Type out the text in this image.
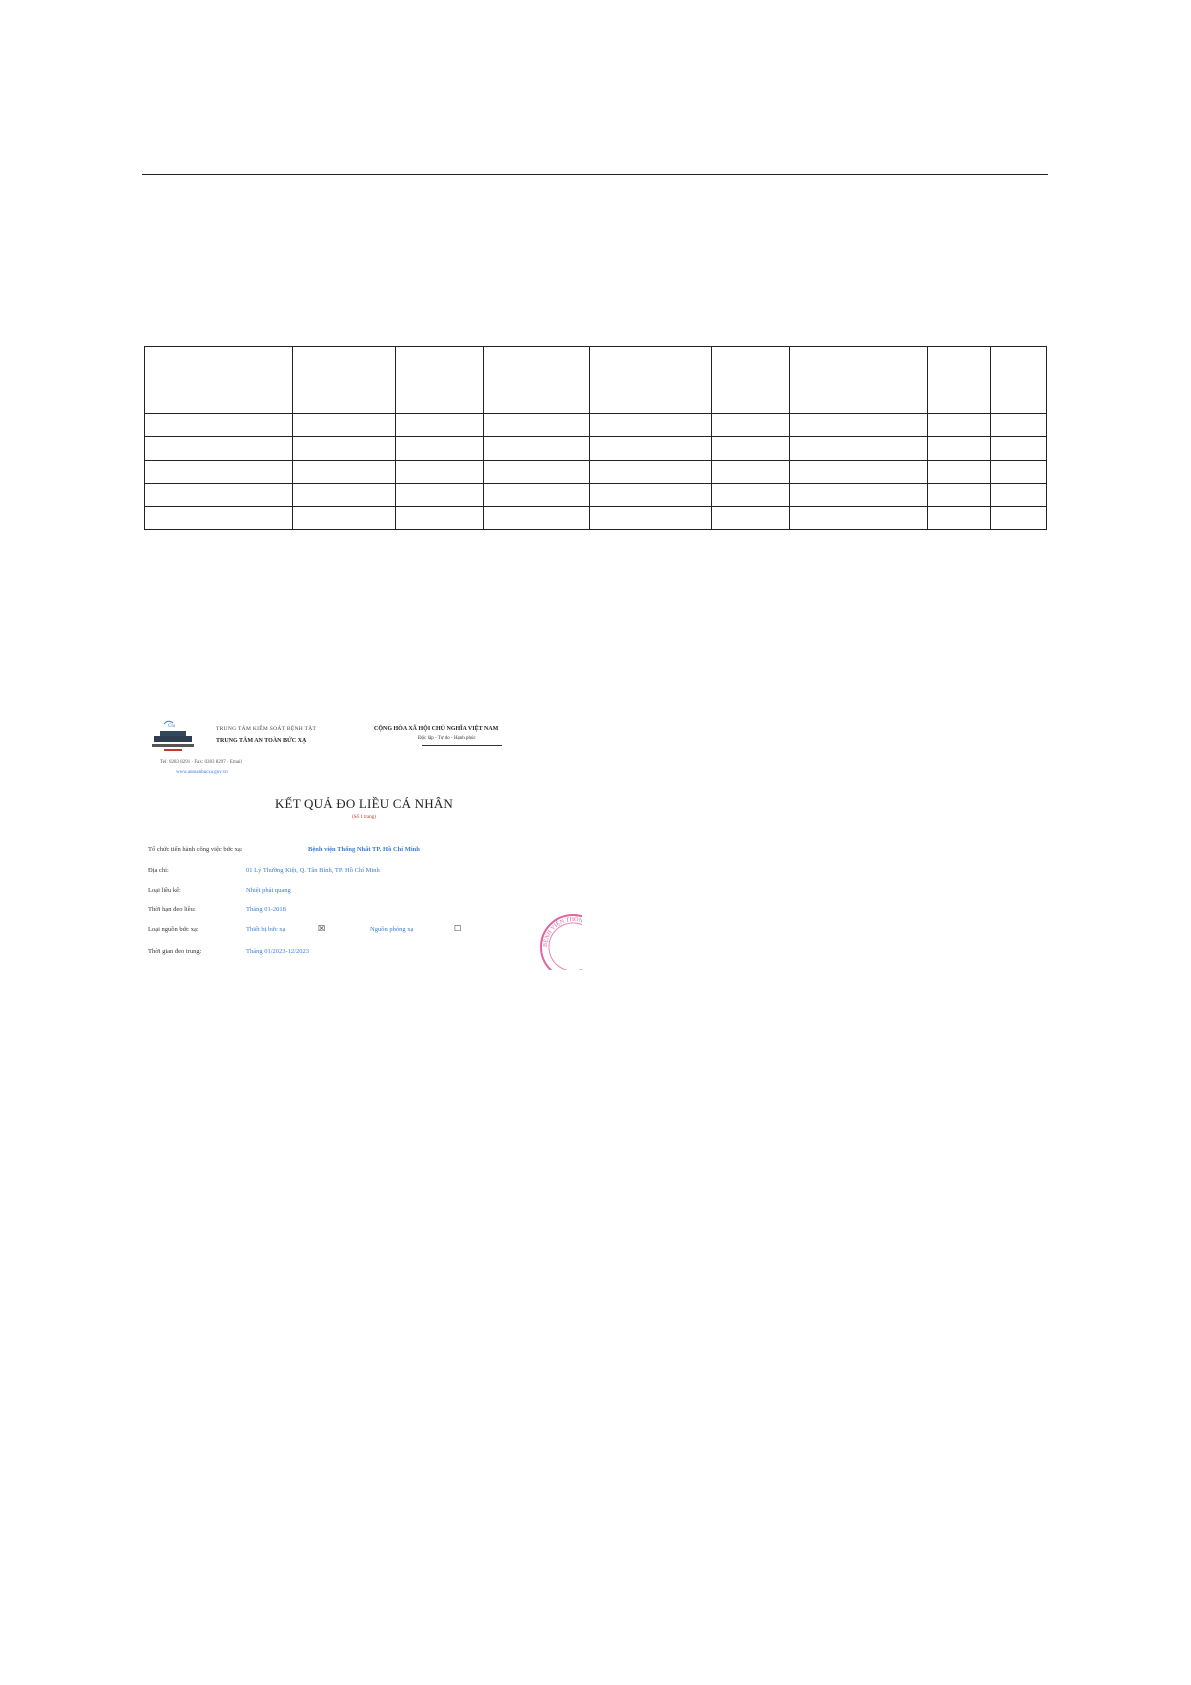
Ctu	TRUNG TÂM KIỂM SOÁT BỆNH TẬT
TRUNG TÂM AN TOÀN BỨC XẠ
Tel: 0283 8291 · Fax: 0283 8297 · Email
www.antoanbucxa.gov.vn
CỘNG HÒA XÃ HỘI CHỦ NGHĨA VIỆT NAM
Độc lập - Tự do - Hạnh phúc
KẾT QUẢ ĐO LIỀU CÁ NHÂN
(Số 1 trang)
Tổ chức tiến hành công việc bức xạ:	Bệnh viện Thống Nhất TP. Hồ Chí Minh
Địa chỉ:	01 Lý Thường Kiệt, Q. Tân Bình, TP. Hồ Chí Minh
Loại liều kế:	Nhiệt phát quang
Thời hạn đeo liều:	Tháng 01-2018
Loại nguồn bức xạ:	Thiết bị bức xạ	☒	Nguồn phóng xạ	☐
Thời gian đeo trung:	Tháng 01/2023-12/2023
BỆNH VIỆN THỐNG NHẤT
